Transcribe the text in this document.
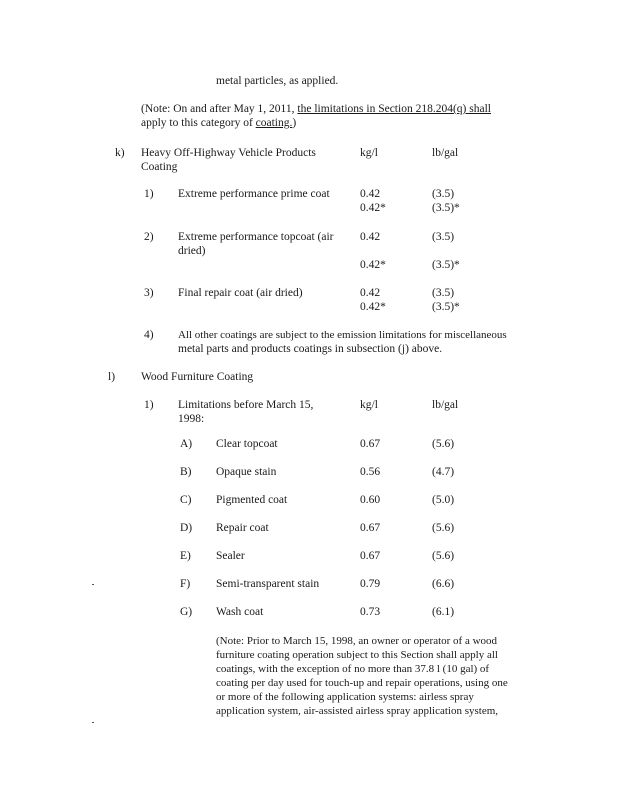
metal particles, as applied.
(Note: On and after May 1, 2011, the limitations in Section 218.204(q) shall
apply to this category of coating.)
k) Heavy Off-Highway Vehicle Products
Coating
kg/l	lb/gal
1) Extreme performance prime coat	0.42	(3.5)
0.42*	(3.5)*
2) Extreme performance topcoat (air dried)
0.42	(3.5)
0.42*	(3.5)*
3) Final repair coat (air dried)	0.42	(3.5)
0.42*	(3.5)*
4) All other coatings are subject to the emission limitations for miscellaneous
metal parts and products coatings in subsection (j) above.
l) Wood Furniture Coating
1) Limitations before March 15,
1998:
kg/l	lb/gal
A) Clear topcoat	0.67	(5.6)
B) Opaque stain	0.56	(4.7)
C) Pigmented coat	0.60	(5.0)
D) Repair coat	0.67	(5.6)
E) Sealer	0.67	(5.6)
F) Semi-transparent stain	0.79	(6.6)
G) Wash coat	0.73	(6.1)
(Note: Prior to March 15, 1998, an owner or operator of a wood
furniture coating operation subject to this Section shall apply all
coatings, with the exception of no more than 37.8 l (10 gal) of
coating per day used for touch-up and repair operations, using one
or more of the following application systems: airless spray
application system, air-assisted airless spray application system,
